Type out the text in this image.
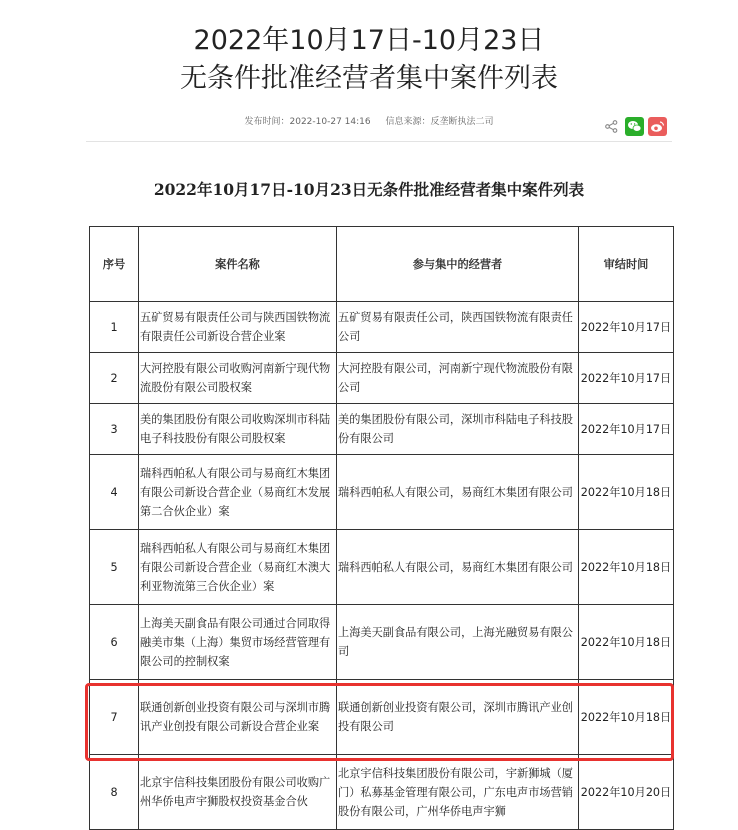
2022年10月17日-10月23日
无条件批准经营者集中案件列表
发布时间：2022-10-27 14:16 信息来源：反垄断执法二司
2022年10月17日-10月23日无条件批准经营者集中案件列表
序号	案件名称	参与集中的经营者	审结时间
1	五矿贸易有限责任公司与陕西国铁物流有限责任公司新设合营企业案	五矿贸易有限责任公司，陕西国铁物流有限责任公司	2022年10月17日
2	大河控股有限公司收购河南新宁现代物流股份有限公司股权案	大河控股有限公司，河南新宁现代物流股份有限公司	2022年10月17日
3	美的集团股份有限公司收购深圳市科陆电子科技股份有限公司股权案	美的集团股份有限公司，深圳市科陆电子科技股份有限公司	2022年10月17日
4	瑞科西帕私人有限公司与易商红木集团有限公司新设合营企业（易商红木发展第二合伙企业）案	瑞科西帕私人有限公司，易商红木集团有限公司	2022年10月18日
5	瑞科西帕私人有限公司与易商红木集团有限公司新设合营企业（易商红木澳大利亚物流第三合伙企业）案	瑞科西帕私人有限公司，易商红木集团有限公司	2022年10月18日
6	上海美天副食品有限公司通过合同取得融美市集（上海）集贸市场经营管理有限公司的控制权案	上海美天副食品有限公司，上海光融贸易有限公司	2022年10月18日
7	联通创新创业投资有限公司与深圳市腾讯产业创投有限公司新设合营企业案	联通创新创业投资有限公司，深圳市腾讯产业创投有限公司	2022年10月18日
8	北京宇信科技集团股份有限公司收购广州华侨电声宇狮股权投资基金合伙	北京宇信科技集团股份有限公司，宇新狮城（厦门）私募基金管理有限公司，广东电声市场营销股份有限公司，广州华侨电声宇狮	2022年10月20日
